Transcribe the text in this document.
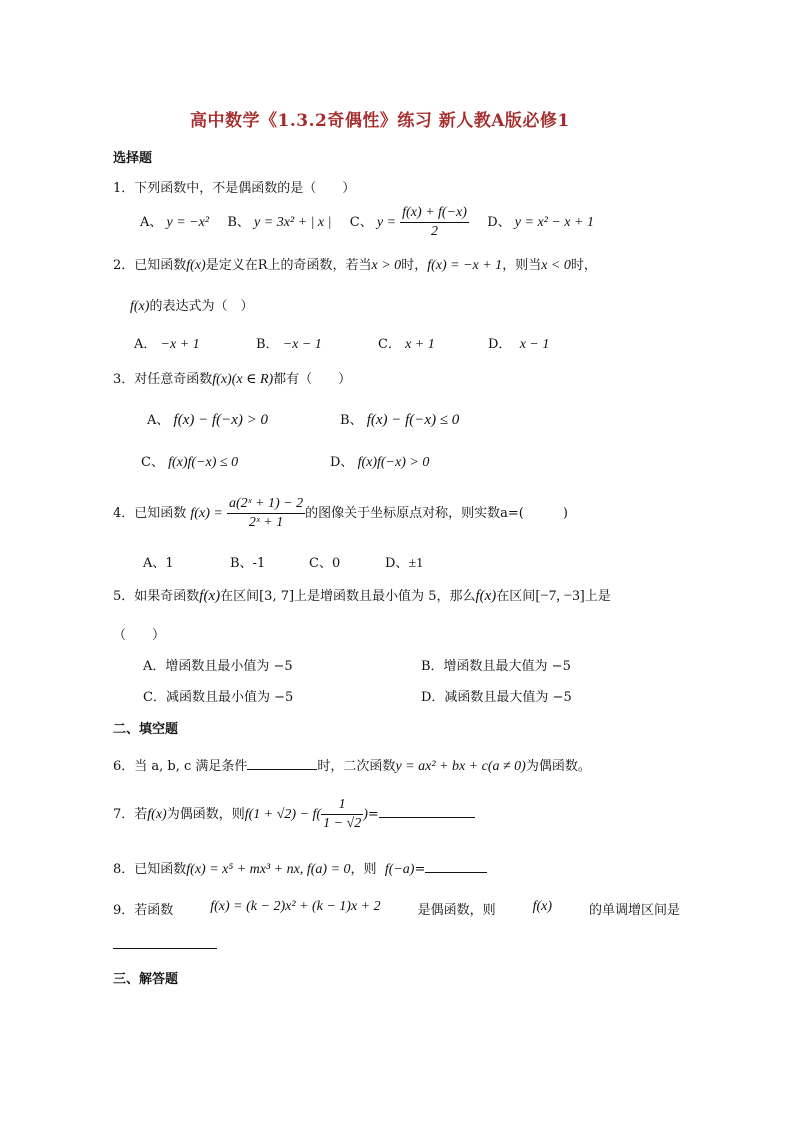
高中数学《1.3.2奇偶性》练习 新人教A版必修1
选择题
1．下列函数中，不是偶函数的是（　　）
A、 y = −x² B、 y = 3x² + | x | C、 $y = \frac{f(x) + f(-x)}{2}$ D、 y = x² − x + 1
2．已知函数f(x)是定义在R上的奇函数，若当x > 0时，f(x) = −x + 1，则当x < 0时，
f(x)的表达式为（　）
A． −x + 1	B． −x − 1	C． x + 1	D． x − 1
3．对任意奇函数f(x)(x ∈ R)都有（　　）
A、 f(x) − f(−x) > 0	B、 f(x) − f(−x) ≤ 0
C、 f(x)f(−x) ≤ 0	D、 f(x)f(−x) > 0
4．已知函数 $f(x) = \frac{\text{a(2ˣ + 1) − 2}}{\text{2ˣ + 1}}$ 的图像关于坐标原点对称，则实数a=(　　　)
A、1	B、-1	C、0	D、±1
5．如果奇函数f(x)在区间[3, 7]上是增函数且最小值为 5，那么f(x)在区间[−7, −3]上是
（　　）
A．增函数且最小值为 −5	B．增函数且最大值为 −5
C．减函数且最小值为 −5	D．减函数且最大值为 −5
二、填空题
6．当 a, b, c 满足条件	时，二次函数y = ax² + bx + c(a ≠ 0)为偶函数。
7．若f(x)为偶函数，则$f(1 + √2) - f( \frac{1}{1 - √2}$ )=
8．已知函数f(x) = x⁵ + mx³ + nx, f(a) = 0，则 f(−a)=
9．若函数	f(x) = (k − 2)x² + (k − 1)x + 2	是偶函数，则	f(x)	的单调增区间是
三、解答题
